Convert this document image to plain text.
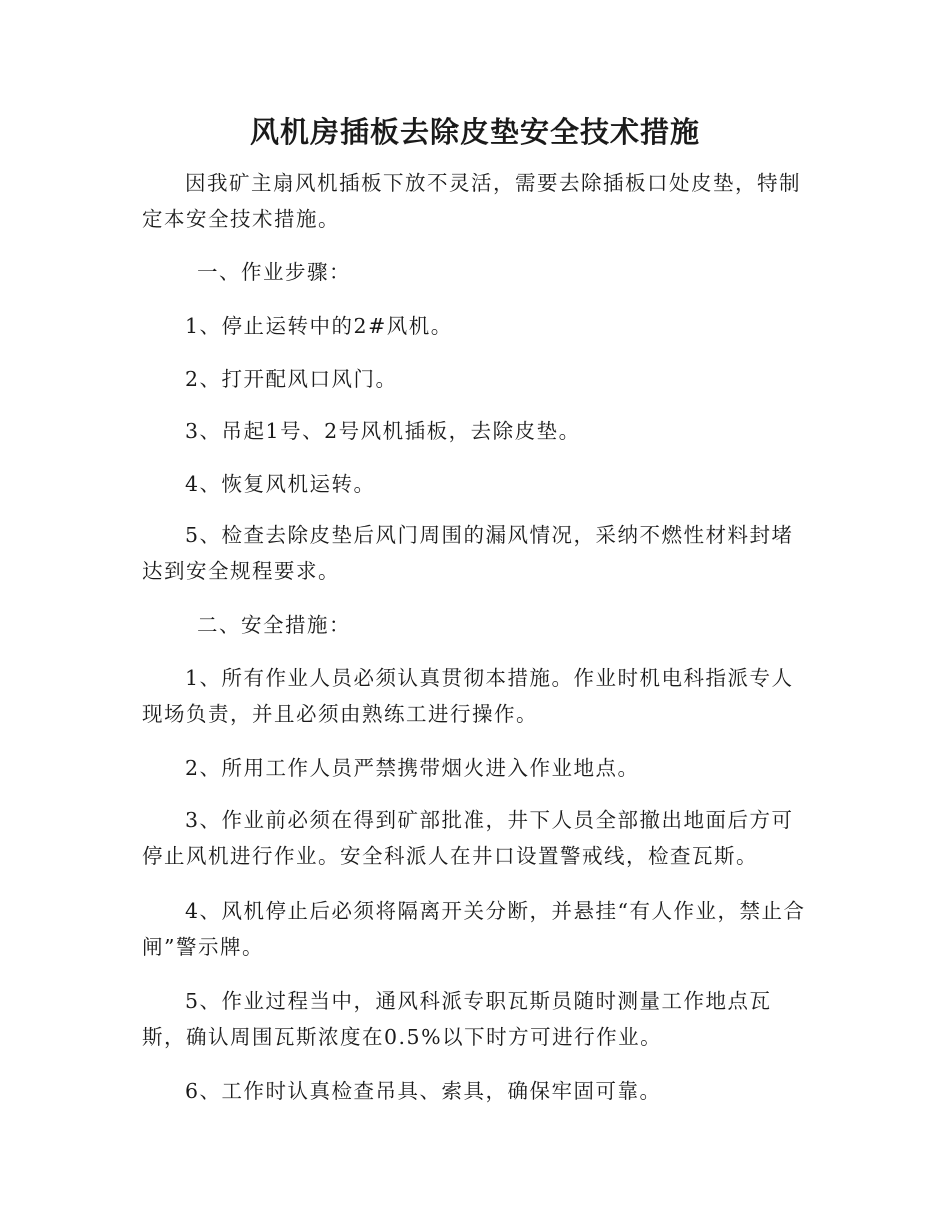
风机房插板去除皮垫安全技术措施

因我矿主扇风机插板下放不灵活，需要去除插板口处皮垫，特制定本安全技术措施。

一、作业步骤：

1、停止运转中的2#风机。

2、打开配风口风门。

3、吊起1号、2号风机插板，去除皮垫。

4、恢复风机运转。

5、检查去除皮垫后风门周围的漏风情况，采纳不燃性材料封堵达到安全规程要求。

二、安全措施：

1、所有作业人员必须认真贯彻本措施。作业时机电科指派专人现场负责，并且必须由熟练工进行操作。

2、所用工作人员严禁携带烟火进入作业地点。

3、作业前必须在得到矿部批准，井下人员全部撤出地面后方可停止风机进行作业。安全科派人在井口设置警戒线，检查瓦斯。

4、风机停止后必须将隔离开关分断，并悬挂“有人作业，禁止合闸”警示牌。

5、作业过程当中，通风科派专职瓦斯员随时测量工作地点瓦斯，确认周围瓦斯浓度在0.5%以下时方可进行作业。

6、工作时认真检查吊具、索具，确保牢固可靠。
